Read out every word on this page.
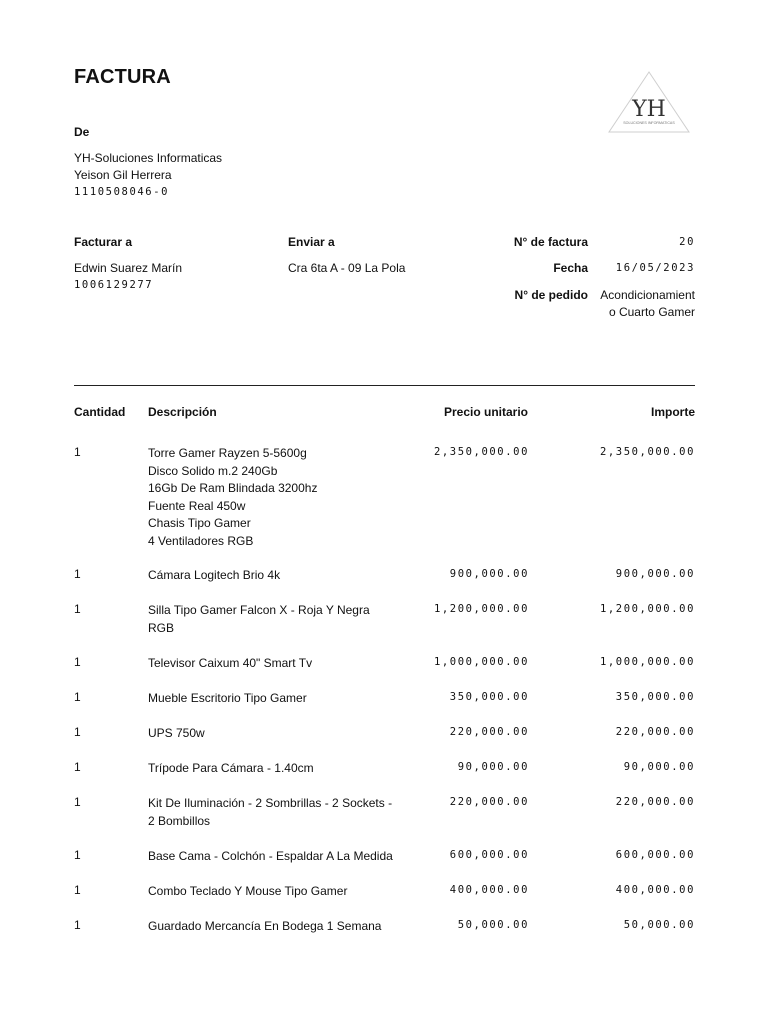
FACTURA
YH
SOLUCIONES INFORMATICAS
De
YH-Soluciones Informaticas
Yeison Gil Herrera
1110508046-0
Facturar a
Edwin Suarez Marín
1006129277
Enviar a
Cra 6ta A - 09 La Pola
N° de factura	20
Fecha	16/05/2023
N° de pedido Acondicionamient
o Cuarto Gamer
Cantidad Descripción	Precio unitario	Importe
1	Torre Gamer Rayzen 5-5600g
Disco Solido m.2 240Gb
16Gb De Ram Blindada 3200hz
Fuente Real 450w
Chasis Tipo Gamer
4 Ventiladores RGB
2,350,000.00	2,350,000.00
1	Cámara Logitech Brio 4k	900,000.00	900,000.00
1	Silla Tipo Gamer Falcon X - Roja Y Negra
RGB
1,200,000.00	1,200,000.00
1	Televisor Caixum 40" Smart Tv	1,000,000.00	1,000,000.00
1	Mueble Escritorio Tipo Gamer	350,000.00	350,000.00
1	UPS 750w	220,000.00	220,000.00
1	Trípode Para Cámara - 1.40cm	90,000.00	90,000.00
1	Kit De Iluminación - 2 Sombrillas - 2 Sockets -
2 Bombillos
220,000.00	220,000.00
1	Base Cama - Colchón - Espaldar A La Medida	600,000.00	600,000.00
1	Combo Teclado Y Mouse Tipo Gamer	400,000.00	400,000.00
1	Guardado Mercancía En Bodega 1 Semana	50,000.00	50,000.00
